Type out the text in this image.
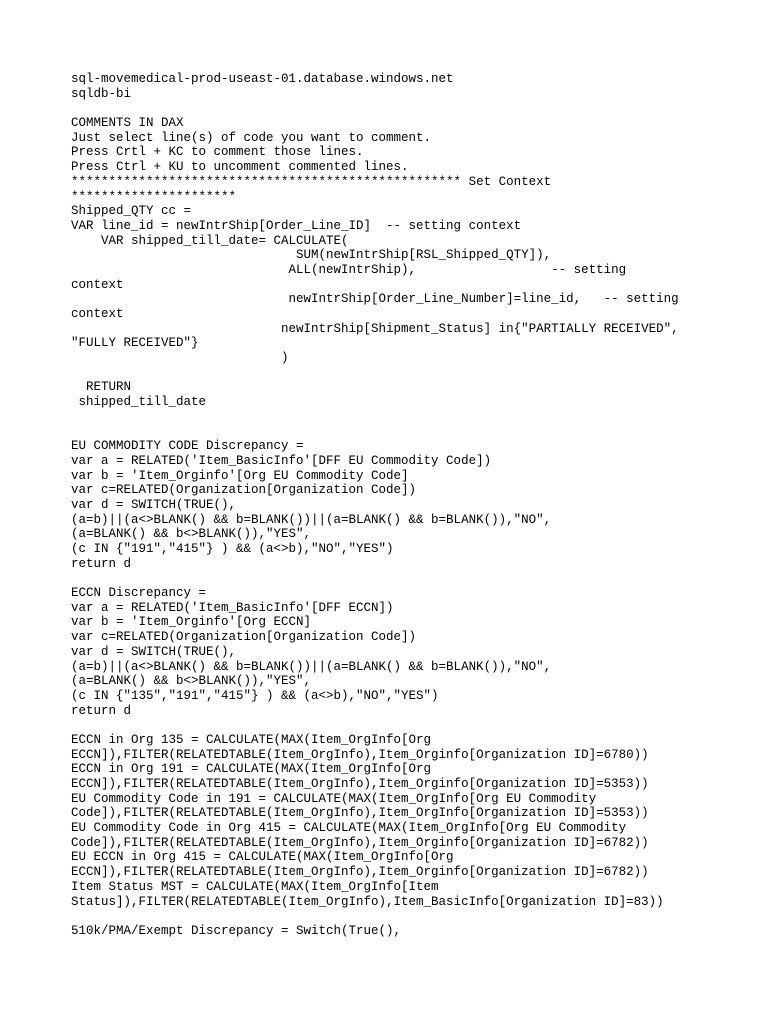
sql-movemedical-prod-useast-01.database.windows.net
sqldb-bi
COMMENTS IN DAX
Just select line(s) of code you want to comment.
Press Crtl + KC to comment those lines.
Press Ctrl + KU to uncomment commented lines.
**************************************************** Set Context
**********************
Shipped_QTY cc =
VAR line_id = newIntrShip[Order_Line_ID]  -- setting context
VAR shipped_till_date= CALCULATE(
SUM(newIntrShip[RSL_Shipped_QTY]),
ALL(newIntrShip),                  -- setting
context
newIntrShip[Order_Line_Number]=line_id,   -- setting
context
newIntrShip[Shipment_Status] in{"PARTIALLY RECEIVED",
"FULLY RECEIVED"}
)
RETURN
shipped_till_date
EU COMMODITY CODE Discrepancy =
var a = RELATED('Item_BasicInfo'[DFF EU Commodity Code])
var b = 'Item_Orginfo'[Org EU Commodity Code]
var c=RELATED(Organization[Organization Code])
var d = SWITCH(TRUE(),
(a=b)||(a<>BLANK() && b=BLANK())||(a=BLANK() && b=BLANK()),"NO",
(a=BLANK() && b<>BLANK()),"YES",
(c IN {"191","415"} ) && (a<>b),"NO","YES")
return d
ECCN Discrepancy =
var a = RELATED('Item_BasicInfo'[DFF ECCN])
var b = 'Item_Orginfo'[Org ECCN]
var c=RELATED(Organization[Organization Code])
var d = SWITCH(TRUE(),
(a=b)||(a<>BLANK() && b=BLANK())||(a=BLANK() && b=BLANK()),"NO",
(a=BLANK() && b<>BLANK()),"YES",
(c IN {"135","191","415"} ) && (a<>b),"NO","YES")
return d
ECCN in Org 135 = CALCULATE(MAX(Item_OrgInfo[Org
ECCN]),FILTER(RELATEDTABLE(Item_OrgInfo),Item_Orginfo[Organization ID]=6780))
ECCN in Org 191 = CALCULATE(MAX(Item_OrgInfo[Org
ECCN]),FILTER(RELATEDTABLE(Item_OrgInfo),Item_Orginfo[Organization ID]=5353))
EU Commodity Code in 191 = CALCULATE(MAX(Item_OrgInfo[Org EU Commodity
Code]),FILTER(RELATEDTABLE(Item_OrgInfo),Item_OrgInfo[Organization ID]=5353))
EU Commodity Code in Org 415 = CALCULATE(MAX(Item_OrgInfo[Org EU Commodity
Code]),FILTER(RELATEDTABLE(Item_OrgInfo),Item_Orginfo[Organization ID]=6782))
EU ECCN in Org 415 = CALCULATE(MAX(Item_OrgInfo[Org
ECCN]),FILTER(RELATEDTABLE(Item_OrgInfo),Item_Orginfo[Organization ID]=6782))
Item Status MST = CALCULATE(MAX(Item_OrgInfo[Item
Status]),FILTER(RELATEDTABLE(Item_OrgInfo),Item_BasicInfo[Organization ID]=83))
510k/PMA/Exempt Discrepancy = Switch(True(),
